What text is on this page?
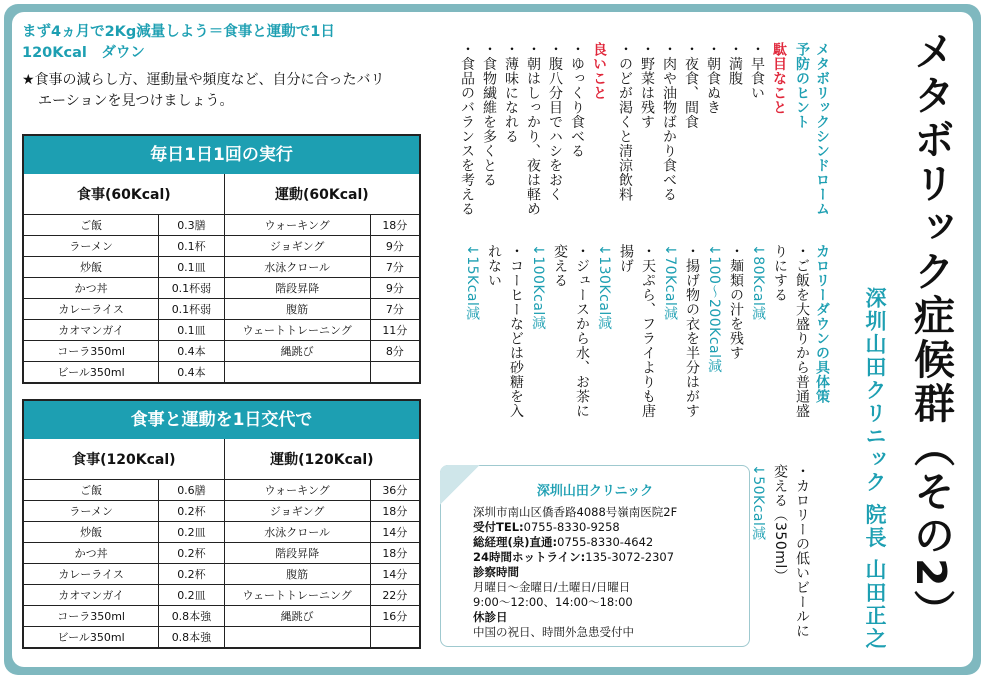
まず4ヵ月で2Kg減量しよう＝食事と運動で1日
120Kcal　ダウン

★食事の減らし方、運動量や頻度など、自分に合ったバリ
エーションを見つけましょう。

毎日1日1回の実行
食事(60Kcal)		運動(60Kcal)	
ご飯	0.3膳	ウォーキング	18分
ラーメン	0.1杯	ジョギング	9分
炒飯	0.1皿	水泳クロール	7分
かつ丼	0.1杯弱	階段昇降	9分
カレーライス	0.1杯弱	腹筋	7分
カオマンガイ	0.1皿	ウェートトレーニング	11分
コーラ350ml	0.4本	縄跳び	8分
ビール350ml	0.4本		
食事と運動を1日交代で
食事(120Kcal)		運動(120Kcal)	
ご飯	0.6膳	ウォーキング	36分
ラーメン	0.2杯	ジョギング	18分
炒飯	0.2皿	水泳クロール	14分
かつ丼	0.2杯	階段昇降	18分
カレーライス	0.2杯	腹筋	14分
カオマンガイ	0.2皿	ウェートトレーニング	22分
コーラ350ml	0.8本強	縄跳び	16分
ビール350ml	0.8本強		
メタボリック症候群（その2）
深圳山田クリニック 院長 山田正之
メタボリックシンドローム
予防のヒント
駄目なこと
・早食い
・満腹
・朝食ぬき
・夜食、間食
・肉や油物ばかり食べる
・野菜は残す
・のどが渇くと清涼飲料
良いこと
・ゆっくり食べる
・腹八分目でハシをおく
・朝はしっかり、夜は軽め
・薄味になれる
・食物繊維を多くとる
・食品のバランスを考える
カロリーダウンの具体策
・カロリーの低いビールに
変える（350ml）
↓50Kcal減
・ご飯を大盛りから普通盛
りにする
↓80Kcal減
・麺類の汁を残す
↓100〜200Kcal減
・揚げ物の衣を半分はがす
↓70Kcal減
・天ぷら、フライよりも唐
揚げ
↓130Kcal減
・ジュースから水、お茶に
変える
↓100Kcal減
・コーヒーなどは砂糖を入
れない
↓15Kcal減
深圳山田クリニック
深圳市南山区僑香路4088号嶺南医院2F
受付TEL:0755-8330-9258
総経理(泉)直通:0755-8330-4642
24時間ホットライン:135-3072-2307
診察時間
月曜日〜金曜日/土曜日/日曜日
9:00〜12:00、14:00〜18:00
休診日
中国の祝日、時間外急患受付中
